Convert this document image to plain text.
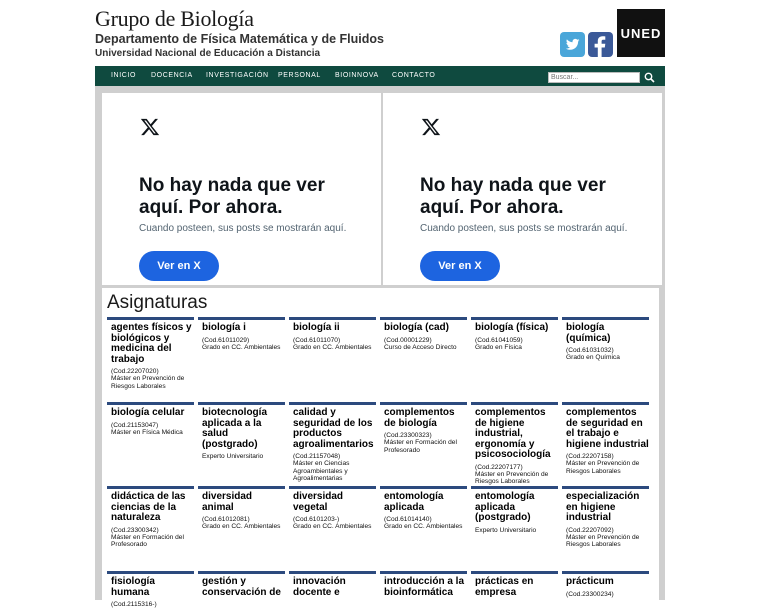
Grupo de Biología
Departamento de Física Matemática y de Fluidos
Universidad Nacional de Educación a Distancia
UNED
INICIO DOCENCIA INVESTIGACIÓN PERSONAL BIOINNOVA CONTACTO
Buscar...
No hay nada que ver aquí. Por ahora.
Cuando posteen, sus posts se mostrarán aquí.
Ver en X
No hay nada que ver aquí. Por ahora.
Cuando posteen, sus posts se mostrarán aquí.
Ver en X
Asignaturas
agentes físicos y biológicos y medicina del trabajo
(Cod.22207020)
Máster en Prevención de Riesgos Laborales
biología i
(Cod.61011029)
Grado en CC. Ambientales
biología ii
(Cod.61011070)
Grado en CC. Ambientales
biología (cad)
(Cod.00001229)
Curso de Acceso Directo
biología (física)
(Cod.61041059)
Grado en Física
biología (química)
(Cod.61031032)
Grado en Química
biología celular
(Cod.21153047)
Máster en Física Médica
biotecnología aplicada a la salud (postgrado)
Experto Universitario
calidad y seguridad de los productos agroalimentarios
(Cod.21157048)
Máster en Ciencias Agroambientales y Agroalimentarias
complementos de biología
(Cod.23300323)
Máster en Formación del Profesorado
complementos de higiene industrial, ergonomía y psicosociología
(Cod.22207177)
Máster en Prevención de Riesgos Laborales
complementos de seguridad en el trabajo e higiene industrial
(Cod.22207158)
Máster en Prevención de Riesgos Laborales
didáctica de las ciencias de la naturaleza
(Cod.23300342)
Máster en Formación del Profesorado
diversidad animal
(Cod.61012081)
Grado en CC. Ambientales
diversidad vegetal
(Cod.6101203-)
Grado en CC. Ambientales
entomología aplicada
(Cod.61014140)
Grado en CC. Ambientales
entomología aplicada (postgrado)
Experto Universitario
especialización en higiene industrial
(Cod.22207092)
Máster en Prevención de Riesgos Laborales
fisiología humana
(Cod.2115316-)
gestión y conservación de
innovación docente e
introducción a la bioinformática
prácticas en empresa
prácticum
(Cod.23300234)
